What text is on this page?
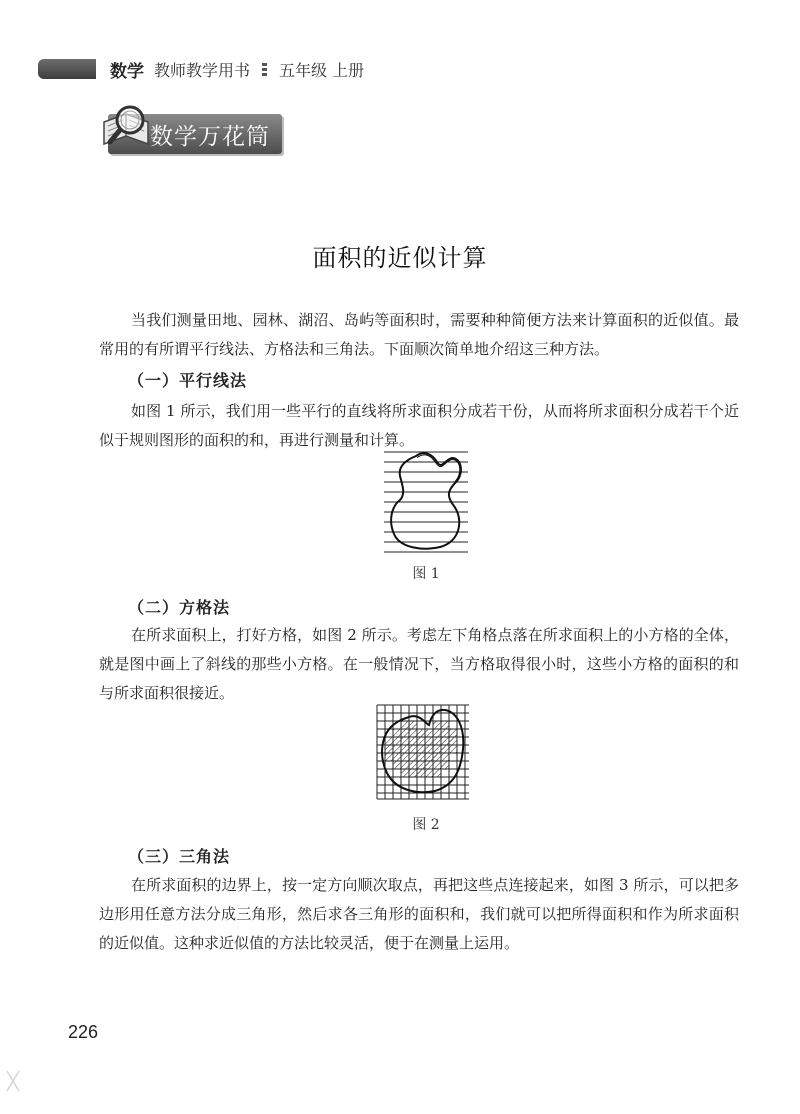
数学 教师教学用书 五年级 上册
数学万花筒
面积的近似计算

当我们测量田地、园林、湖沼、岛屿等面积时，需要种种简便方法来计算面积的近似值。最常用的有所谓平行线法、方格法和三角法。下面顺次简单地介绍这三种方法。

（一）平行线法

如图 1 所示，我们用一些平行的直线将所求面积分成若干份，从而将所求面积分成若干个近似于规则图形的面积的和，再进行测量和计算。

图 1
（二）方格法

在所求面积上，打好方格，如图 2 所示。考虑左下角格点落在所求面积上的小方格的全体，就是图中画上了斜线的那些小方格。在一般情况下，当方格取得很小时，这些小方格的面积的和与所求面积很接近。

图 2
（三）三角法

在所求面积的边界上，按一定方向顺次取点，再把这些点连接起来，如图 3 所示，可以把多边形用任意方法分成三角形，然后求各三角形的面积和，我们就可以把所得面积和作为所求面积的近似值。这种求近似值的方法比较灵活，便于在测量上运用。

226
